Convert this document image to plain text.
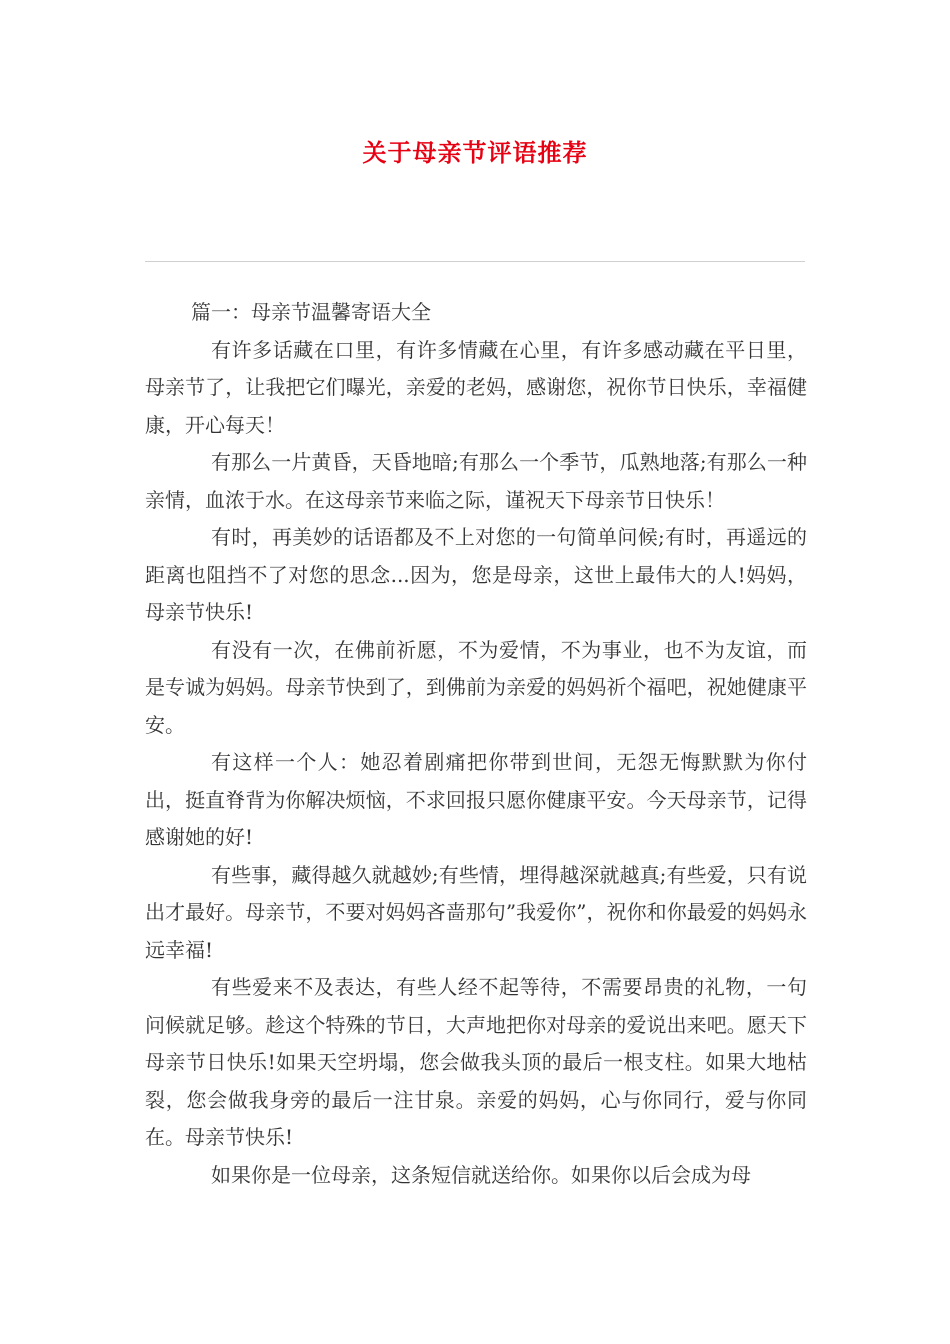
关于母亲节评语推荐

篇一：母亲节温馨寄语大全

有许多话藏在口里，有许多情藏在心里，有许多感动藏在平日里，母亲节了，让我把它们曝光，亲爱的老妈，感谢您，祝你节日快乐，幸福健康，开心每天！

有那么一片黄昏，天昏地暗;有那么一个季节，瓜熟地落;有那么一种亲情，血浓于水。在这母亲节来临之际，谨祝天下母亲节日快乐！

有时，再美妙的话语都及不上对您的一句简单问候;有时，再遥远的距离也阻挡不了对您的思念...因为，您是母亲，这世上最伟大的人!妈妈，母亲节快乐!

有没有一次，在佛前祈愿，不为爱情，不为事业，也不为友谊，而是专诚为妈妈。母亲节快到了，到佛前为亲爱的妈妈祈个福吧，祝她健康平安。

有这样一个人：她忍着剧痛把你带到世间，无怨无悔默默为你付出，挺直脊背为你解决烦恼，不求回报只愿你健康平安。今天母亲节，记得感谢她的好!

有些事，藏得越久就越妙;有些情，埋得越深就越真;有些爱，只有说出才最好。母亲节，不要对妈妈吝啬那句”我爱你”，祝你和你最爱的妈妈永远幸福!

有些爱来不及表达，有些人经不起等待，不需要昂贵的礼物，一句问候就足够。趁这个特殊的节日，大声地把你对母亲的爱说出来吧。愿天下母亲节日快乐!如果天空坍塌，您会做我头顶的最后一根支柱。如果大地枯裂，您会做我身旁的最后一注甘泉。亲爱的妈妈，心与你同行，爱与你同在。母亲节快乐!

如果你是一位母亲，这条短信就送给你。如果你以后会成为母
